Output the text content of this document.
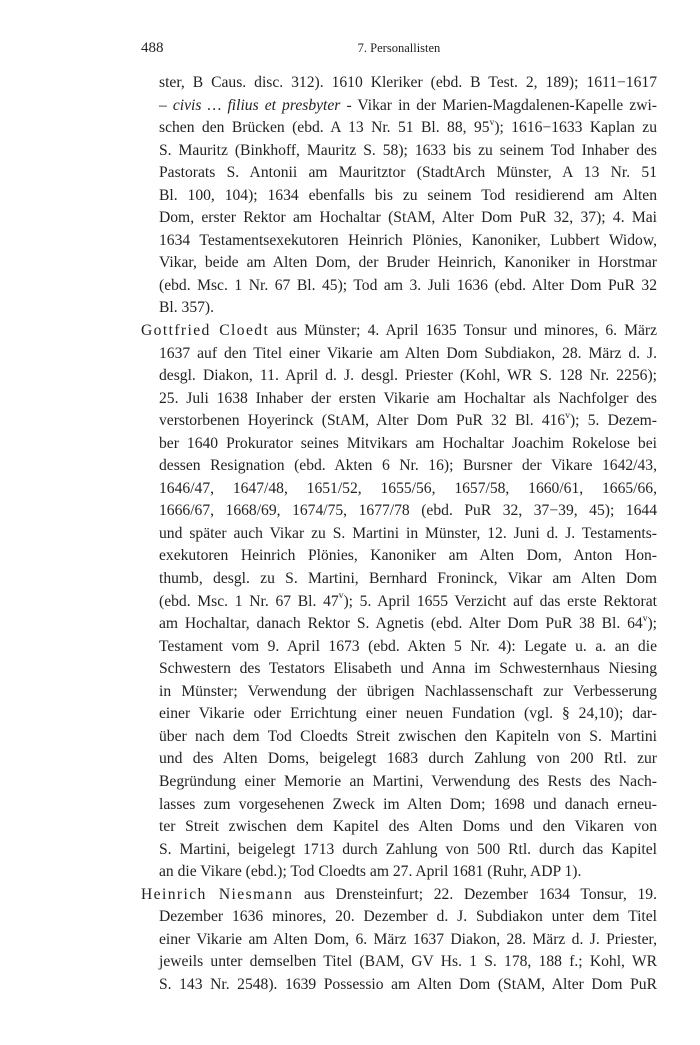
488	7. Personallisten
ster, B Caus. disc. 312). 1610 Kleriker (ebd. B Test. 2, 189); 1611−1617
– civis … filius et presbyter - Vikar in der Marien-Magdalenen-Kapelle zwi-
schen den Brücken (ebd. A 13 Nr. 51 Bl. 88, 95$^v$); 1616−1633 Kaplan zu
S. Mauritz (Binkhoff, Mauritz S. 58); 1633 bis zu seinem Tod Inhaber des
Pastorats S. Antonii am Mauritztor (StadtArch Münster, A 13 Nr. 51
Bl. 100, 104); 1634 ebenfalls bis zu seinem Tod residierend am Alten
Dom, erster Rektor am Hochaltar (StAM, Alter Dom PuR 32, 37); 4. Mai
1634 Testamentsexekutoren Heinrich Plönies, Kanoniker, Lubbert Widow,
Vikar, beide am Alten Dom, der Bruder Heinrich, Kanoniker in Horstmar
(ebd. Msc. 1 Nr. 67 Bl. 45); Tod am 3. Juli 1636 (ebd. Alter Dom PuR 32
Bl. 357).
Gottfried Cloedt aus Münster; 4. April 1635 Tonsur und minores, 6. März
1637 auf den Titel einer Vikarie am Alten Dom Subdiakon, 28. März d. J.
desgl. Diakon, 11. April d. J. desgl. Priester (Kohl, WR S. 128 Nr. 2256);
25. Juli 1638 Inhaber der ersten Vikarie am Hochaltar als Nachfolger des
verstorbenen Hoyerinck (StAM, Alter Dom PuR 32 Bl. 416$^v$); 5. Dezem-
ber 1640 Prokurator seines Mitvikars am Hochaltar Joachim Rokelose bei
dessen Resignation (ebd. Akten 6 Nr. 16); Bursner der Vikare 1642/43,
1646/47, 1647/48, 1651/52, 1655/56, 1657/58, 1660/61, 1665/66,
1666/67, 1668/69, 1674/75, 1677/78 (ebd. PuR 32, 37−39, 45); 1644
und später auch Vikar zu S. Martini in Münster, 12. Juni d. J. Testaments-
exekutoren Heinrich Plönies, Kanoniker am Alten Dom, Anton Hon-
thumb, desgl. zu S. Martini, Bernhard Froninck, Vikar am Alten Dom
(ebd. Msc. 1 Nr. 67 Bl. 47$^v$); 5. April 1655 Verzicht auf das erste Rektorat
am Hochaltar, danach Rektor S. Agnetis (ebd. Alter Dom PuR 38 Bl. 64$^v$);
Testament vom 9. April 1673 (ebd. Akten 5 Nr. 4): Legate u. a. an die
Schwestern des Testators Elisabeth und Anna im Schwesternhaus Niesing
in Münster; Verwendung der übrigen Nachlassenschaft zur Verbesserung
einer Vikarie oder Errichtung einer neuen Fundation (vgl. § 24,10); dar-
über nach dem Tod Cloedts Streit zwischen den Kapiteln von S. Martini
und des Alten Doms, beigelegt 1683 durch Zahlung von 200 Rtl. zur
Begründung einer Memorie an Martini, Verwendung des Rests des Nach-
lasses zum vorgesehenen Zweck im Alten Dom; 1698 und danach erneu-
ter Streit zwischen dem Kapitel des Alten Doms und den Vikaren von
S. Martini, beigelegt 1713 durch Zahlung von 500 Rtl. durch das Kapitel
an die Vikare (ebd.); Tod Cloedts am 27. April 1681 (Ruhr, ADP 1).
Heinrich Niesmann aus Drensteinfurt; 22. Dezember 1634 Tonsur, 19.
Dezember 1636 minores, 20. Dezember d. J. Subdiakon unter dem Titel
einer Vikarie am Alten Dom, 6. März 1637 Diakon, 28. März d. J. Priester,
jeweils unter demselben Titel (BAM, GV Hs. 1 S. 178, 188 f.; Kohl, WR
S. 143 Nr. 2548). 1639 Possessio am Alten Dom (StAM, Alter Dom PuR
